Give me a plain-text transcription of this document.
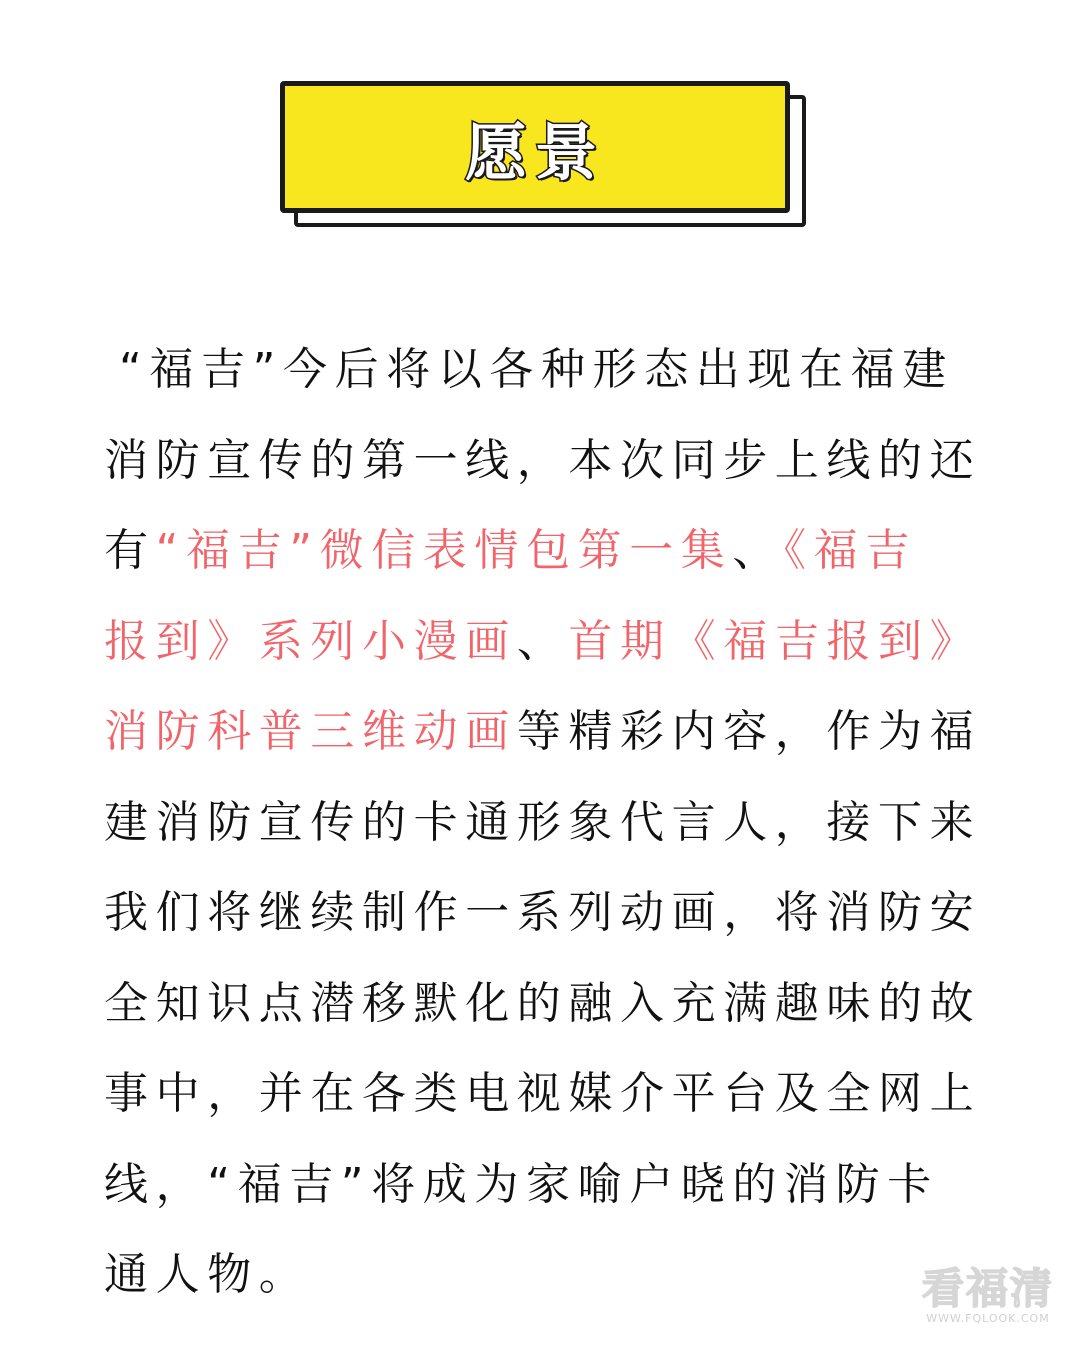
愿景

“福吉”今后将以各种形态出现在福建
消防宣传的第一线，本次同步上线的还
有“福吉”微信表情包第一集、《福吉
报到》系列小漫画、首期《福吉报到》
消防科普三维动画等精彩内容，作为福
建消防宣传的卡通形象代言人，接下来
我们将继续制作一系列动画，将消防安
全知识点潜移默化的融入充满趣味的故
事中，并在各类电视媒介平台及全网上
线，“福吉”将成为家喻户晓的消防卡
通人物。	看福清
WWW.FQLOOK.COM
